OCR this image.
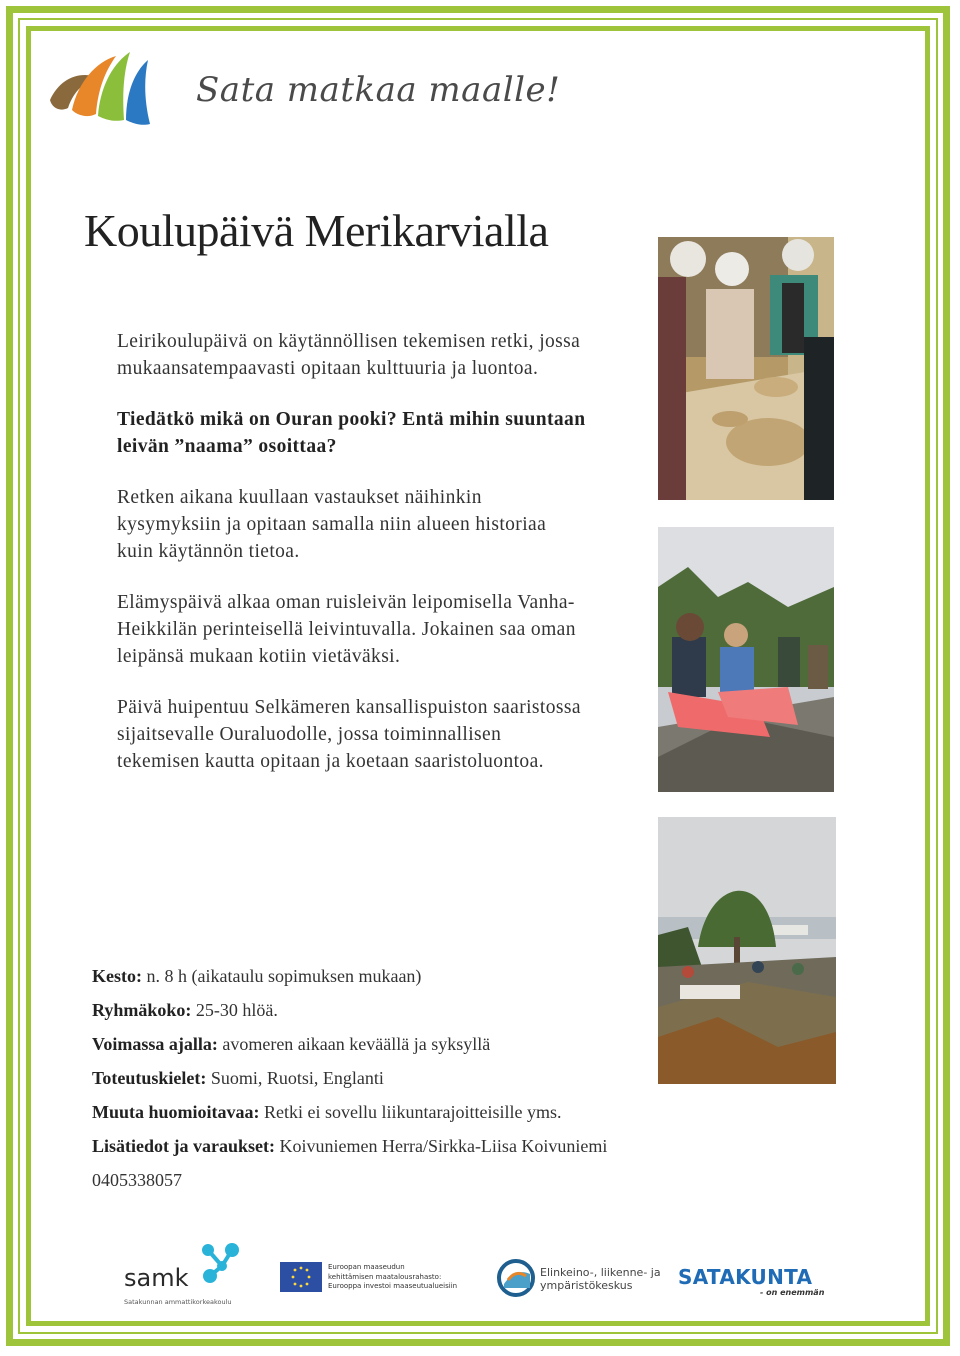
Sata matkaa maalle!
Koulupäivä Merikarvialla

Leirikoulupäivä on käytännöllisen tekemisen retki, jossa mukaansatempaavasti opitaan kulttuuria ja luontoa.

Tiedätkö mikä on Ouran pooki? Entä mihin suuntaan leivän ”naama” osoittaa?

Retken aikana kuullaan vastaukset näihinkin kysymyksiin ja opitaan samalla niin alueen historiaa kuin käytännön tietoa.

Elämyspäivä alkaa oman ruisleivän leipomisella Vanha-Heikkilän perinteisellä leivintuvalla. Jokainen saa oman leipänsä mukaan kotiin vietäväksi.

Päivä huipentuu Selkämeren kansallispuiston saaristossa sijaitsevalle Ouraluodolle, jossa toiminnallisen tekemisen kautta opitaan ja koetaan saaristoluontoa.

Kesto: n. 8 h (aikataulu sopimuksen mukaan)
Ryhmäkoko: 25-30 hlöä.
Voimassa ajalla: avomeren aikaan keväällä ja syksyllä
Toteutuskielet: Suomi, Ruotsi, Englanti
Muuta huomioitavaa: Retki ei sovellu liikuntarajoitteisille yms.
Lisätiedot ja varaukset: Koivuniemen Herra/Sirkka-Liisa Koivuniemi
0405338057
samk
Satakunnan ammattikorkeakoulu
Euroopan maaseudun
kehittämisen maatalousrahasto:
Eurooppa investoi maaseutualueisiin
Elinkeino-, liikenne- ja
ympäristökeskus	SATAKUNTA
- on enemmän
